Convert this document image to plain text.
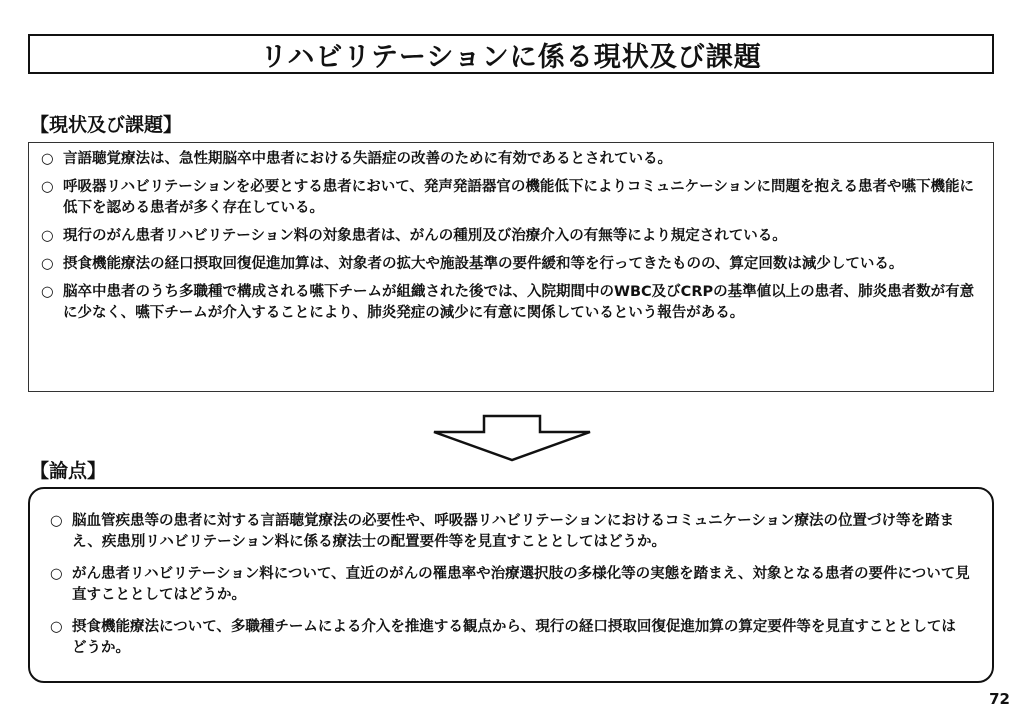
リハビリテーションに係る現状及び課題
【現状及び課題】
○ 言語聴覚療法は、急性期脳卒中患者における失語症の改善のために有効であるとされている。
○ 呼吸器リハビリテーションを必要とする患者において、発声発語器官の機能低下によりコミュニケーションに問題を抱える患者や嚥下機能に低下を認める患者が多く存在している。
○ 現行のがん患者リハビリテーション料の対象患者は、がんの種別及び治療介入の有無等により規定されている。
○ 摂食機能療法の経口摂取回復促進加算は、対象者の拡大や施設基準の要件緩和等を行ってきたものの、算定回数は減少している。
○ 脳卒中患者のうち多職種で構成される嚥下チームが組織された後では、入院期間中のWBC及びCRPの基準値以上の患者、肺炎患者数が有意に少なく、嚥下チームが介入することにより、肺炎発症の減少に有意に関係しているという報告がある。
【論点】
○ 脳血管疾患等の患者に対する言語聴覚療法の必要性や、呼吸器リハビリテーションにおけるコミュニケーション療法の位置づけ等を踏まえ、疾患別リハビリテーション料に係る療法士の配置要件等を見直すこととしてはどうか。
○ がん患者リハビリテーション料について、直近のがんの罹患率や治療選択肢の多様化等の実態を踏まえ、対象となる患者の要件について見直すこととしてはどうか。
○ 摂食機能療法について、多職種チームによる介入を推進する観点から、現行の経口摂取回復促進加算の算定要件等を見直すこととしてはどうか。
72
